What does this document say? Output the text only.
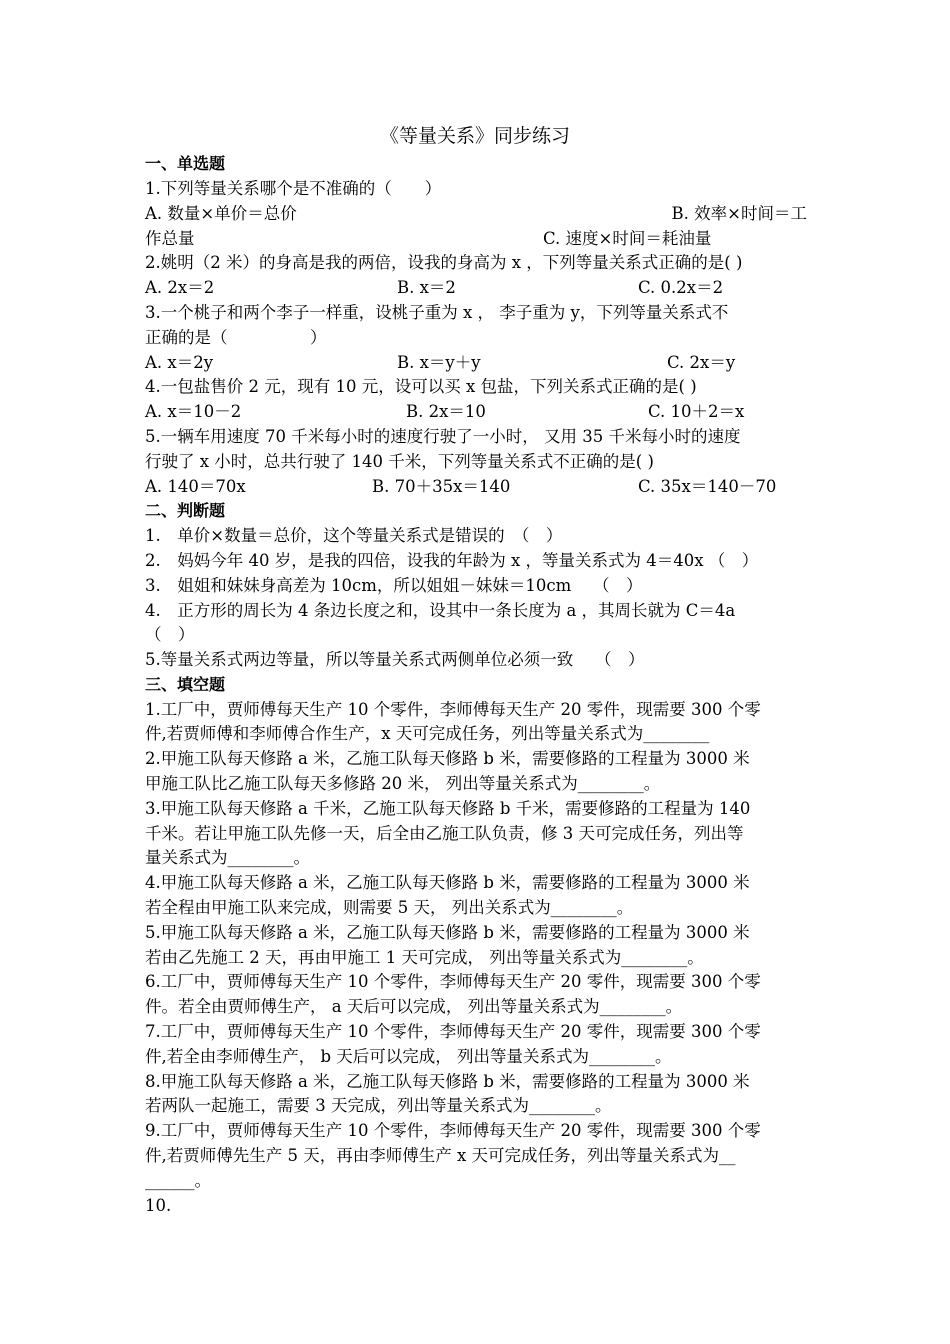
《等量关系》同步练习
一、单选题
1.下列等量关系哪个是不准确的（　　）
A. 数量×单价＝总价	B. 效率×时间＝工
作总量	C. 速度×时间＝耗油量
2.姚明（2 米）的身高是我的两倍，设我的身高为 x ，下列等量关系式正确的是( )
A. 2x＝2	B. x＝2	C. 0.2x＝2
3.一个桃子和两个李子一样重，设桃子重为 x ， 李子重为 y，下列等量关系式不
正确的是（　　　　　）
A. x＝2y	B. x＝y＋y	C. 2x＝y
4.一包盐售价 2 元，现有 10 元，设可以买 x 包盐，下列关系式正确的是( )
A. x＝10－2	B. 2x＝10	C. 10＋2＝x
5.一辆车用速度 70 千米每小时的速度行驶了一小时， 又用 35 千米每小时的速度
行驶了 x 小时，总共行驶了 140 千米，下列等量关系式不正确的是( )
A. 140＝70x	B. 70＋35x＝140	C. 35x＝140－70
二、判断题
1.　单价×数量＝总价，这个等量关系式是错误的　（　）
2.　妈妈今年 40 岁，是我的四倍，设我的年龄为 x ，等量关系式为 4＝40x （　）
3.　姐姐和妹妹身高差为 10cm，所以姐姐－妹妹＝10cm　 （　）
4.　正方形的周长为 4 条边长度之和，设其中一条长度为 a ，其周长就为 C＝4a
（　）
5.等量关系式两边等量，所以等量关系式两侧单位必须一致　 （　）
三、填空题
1.工厂中，贾师傅每天生产 10 个零件，李师傅每天生产 20 零件，现需要 300 个零
件,若贾师傅和李师傅合作生产，x 天可完成任务，列出等量关系式为________
2.甲施工队每天修路 a 米，乙施工队每天修路 b 米，需要修路的工程量为 3000 米
甲施工队比乙施工队每天多修路 20 米， 列出等量关系式为________。
3.甲施工队每天修路 a 千米，乙施工队每天修路 b 千米，需要修路的工程量为 140
千米。若让甲施工队先修一天，后全由乙施工队负责，修 3 天可完成任务，列出等
量关系式为________。
4.甲施工队每天修路 a 米，乙施工队每天修路 b 米，需要修路的工程量为 3000 米
若全程由甲施工队来完成，则需要 5 天， 列出关系式为________。
5.甲施工队每天修路 a 米，乙施工队每天修路 b 米，需要修路的工程量为 3000 米
若由乙先施工 2 天，再由甲施工 1 天可完成， 列出等量关系式为________。
6.工厂中，贾师傅每天生产 10 个零件，李师傅每天生产 20 零件，现需要 300 个零
件。若全由贾师傅生产， a 天后可以完成， 列出等量关系式为________。
7.工厂中，贾师傅每天生产 10 个零件，李师傅每天生产 20 零件，现需要 300 个零
件,若全由李师傅生产， b 天后可以完成， 列出等量关系式为________。
8.甲施工队每天修路 a 米，乙施工队每天修路 b 米，需要修路的工程量为 3000 米
若两队一起施工，需要 3 天完成，列出等量关系式为________。
9.工厂中，贾师傅每天生产 10 个零件，李师傅每天生产 20 零件，现需要 300 个零
件,若贾师傅先生产 5 天，再由李师傅生产 x 天可完成任务，列出等量关系式为__
______。
10.
